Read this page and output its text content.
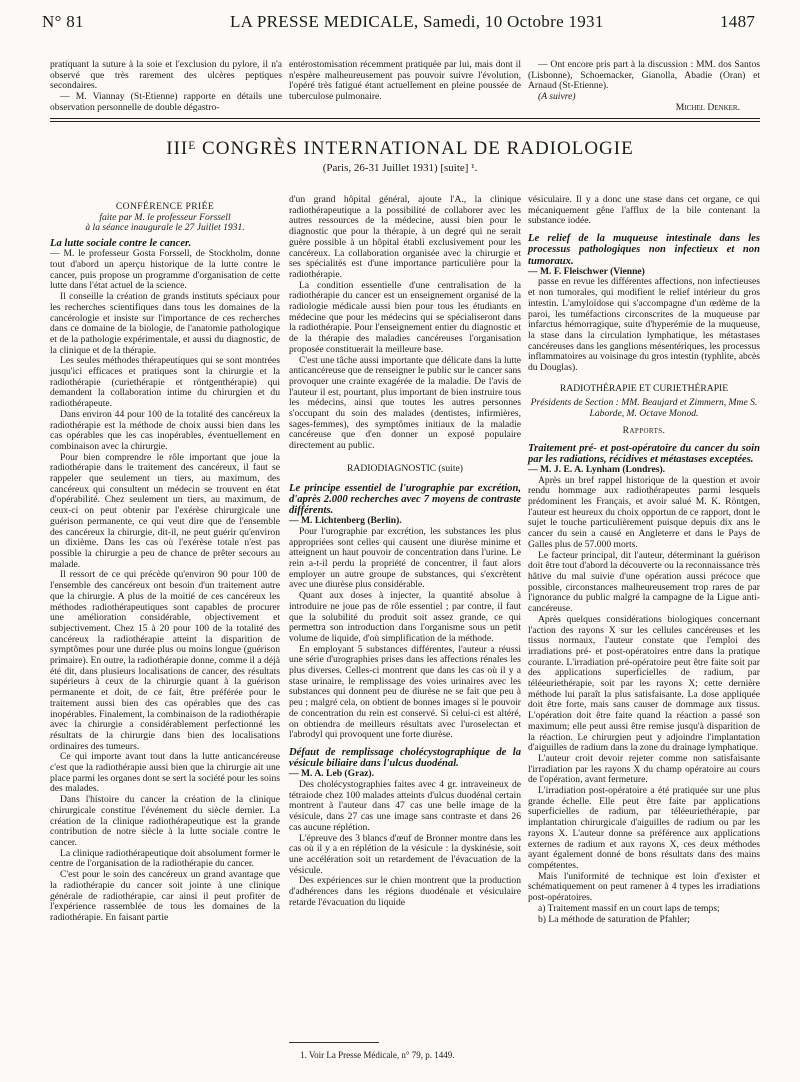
N° 81	LA PRESSE MEDICALE, Samedi, 10 Octobre 1931	1487

pratiquant la suture à la soie et l'exclusion du pylore, il n'a observé que très rarement des ulcères peptiques secondaires.

— M. Viannay (St-Etienne) rapporte en détails une observation personnelle de double dégastro-

entérostomisation récemment pratiquée par lui, mais dont il n'espère malheureusement pas pouvoir suivre l'évolution, l'opéré très fatigué étant actuellement en pleine poussée de tuberculose pulmonaire.

— Ont encore pris part à la discussion : MM. dos Santos (Lisbonne), Schoemacker, Gianolla, Abadie (Oran) et Arnaud (St-Etienne).

(A suivre)

Michel Denker.

IIIᴱ CONGRÈS INTERNATIONAL DE RADIOLOGIE
(Paris, 26-31 Juillet 1931) [suite] ¹.

CONFÉRENCE PRIÉE

faite par M. le professeur Forssell

à la séance inaugurale le 27 Juillet 1931.

La lutte sociale contre le cancer.

— M. le professeur Gosta Forssell, de Stockholm, donne tout d'abord un aperçu historique de la lutte contre le cancer, puis propose un programme d'organisation de cette lutte dans l'état actuel de la science.

Il conseille la création de grands instituts spéciaux pour les recherches scientifiques dans tous les domaines de la cancérologie et insiste sur l'importance de ces recherches dans ce domaine de la biologie, de l'anatomie pathologique et de la pathologie expérimentale, et aussi du diagnostic, de la clinique et de la thérapie.

Les seules méthodes thérapeutiques qui se sont montrées jusqu'ici efficaces et pratiques sont la chirurgie et la radiothérapie (curiethérapie et röntgenthérapie) qui demandent la collaboration intime du chirurgien et du radiothérapeute.

Dans environ 44 pour 100 de la totalité des cancéreux la radiothérapie est la méthode de choix aussi bien dans les cas opérables que les cas inopérables, éventuellement en combinaison avec la chirurgie.

Pour bien comprendre le rôle important que joue la radiothérapie dans le traitement des cancéreux, il faut se rappeler que seulement un tiers, au maximum, des cancéreux qui consultent un médecin se trouvent en état d'opérabilité. Chez seulement un tiers, au maximum, de ceux-ci on peut obtenir par l'exérèse chirurgicale une guérison permanente, ce qui veut dire que de l'ensemble des cancéreux la chirurgie, dit-il, ne peut guérir qu'environ un dixième. Dans les cas où l'exérèse totale n'est pas possible la chirurgie a peu de chance de prêter secours au malade.

Il ressort de ce qui précède qu'environ 90 pour 100 de l'ensemble des cancéreux ont besoin d'un traitement autre que la chirurgie. A plus de la moitié de ces cancéreux les méthodes radiothérapeutiques sont capables de procurer une amélioration considérable, objectivement et subjectivement. Chez 15 à 20 pour 100 de la totalité des cancéreux la radiothérapie atteint la disparition de symptômes pour une durée plus ou moins longue (guérison primaire). En outre, la radiothérapie donne, comme il a déjà été dit, dans plusieurs localisations de cancer, des résultats supérieurs à ceux de la chirurgie quant à la guérison permanente et doit, de ce fait, être préférée pour le traitement aussi bien des cas opérables que des cas inopérables. Finalement, la combinaison de la radiothérapie avec la chirurgie a considérablement perfectionné les résultats de la chirurgie dans bien des localisations ordinaires des tumeurs.

Ce qui importe avant tout dans la lutte anticancéreuse c'est que la radiothérapie aussi bien que la chirurgie ait une place parmi les organes dont se sert la société pour les soins des malades.

Dans l'histoire du cancer la création de la clinique chirurgicale constitue l'événement du siècle dernier. La création de la clinique radiothérapeutique est la grande contribution de notre siècle à la lutte sociale contre le cancer.

La clinique radiothérapeutique doit absolument former le centre de l'organisation de la radiothérapie du cancer.

C'est pour le soin des cancéreux un grand avantage que la radiothérapie du cancer soit jointe à une clinique générale de radiothérapie, car ainsi il peut profiter de l'expérience rassemblée de tous les domaines de la radiothérapie. En faisant partie

d'un grand hôpital général, ajoute l'A., la clinique radiothérapeutique a la possibilité de collaborer avec les autres ressources de la médecine, aussi bien pour le diagnostic que pour la thérapie, à un degré qui ne serait guère possible à un hôpital établi exclusivement pour les cancéreux. La collaboration organisée avec la chirurgie et ses spécialités est d'une importance particulière pour la radiothérapie.

La condition essentielle d'une centralisation de la radiothérapie du cancer est un enseignement organisé de la radiologie médicale aussi bien pour tous les étudiants en médecine que pour les médecins qui se spécialiseront dans la radiothérapie. Pour l'enseignement entier du diagnostic et de la thérapie des maladies cancéreuses l'organisation proposée constituerait la meilleure base.

C'est une tâche aussi importante que délicate dans la lutte anticancéreuse que de renseigner le public sur le cancer sans provoquer une crainte exagérée de la maladie. De l'avis de l'auteur il est, pourtant, plus important de bien instruire tous les médecins, ainsi que toutes les autres personnes s'occupant du soin des malades (dentistes, infirmières, sages-femmes), des symptômes initiaux de la maladie cancéreuse que d'en donner un exposé populaire directement au public.

RADIODIAGNOSTIC (suite)

Le principe essentiel de l'urographie par excrétion, d'après 2.000 recherches avec 7 moyens de contraste différents.

— M. Lichtenberg (Berlin).

Pour l'urographie par excrétion, les substances les plus appropriées sont celles qui causent une diurèse minime et atteignent un haut pouvoir de concentration dans l'urine. Le rein a-t-il perdu la propriété de concentrer, il faut alors employer un autre groupe de substances, qui s'excrètent avec une diurèse plus considérable.

Quant aux doses à injecter, la quantité absolue à introduire ne joue pas de rôle essentiel ; par contre, il faut que la solubilité du produit soit assez grande, ce qui permettra son introduction dans l'organisme sous un petit volume de liquide, d'où simplification de la méthode.

En employant 5 substances différentes, l'auteur a réussi une série d'urographies prises dans les affections rénales les plus diverses. Celles-ci montrent que dans les cas où il y a stase urinaire, le remplissage des voies urinaires avec les substances qui donnent peu de diurèse ne se fait que peu à peu ; malgré cela, on obtient de bonnes images si le pouvoir de concentration du rein est conservé. Si celui-ci est altéré, on obtiendra de meilleurs résultats avec l'uroselectan et l'abrodyl qui provoquent une forte diurèse.

Défaut de remplissage cholécystographique de la vésicule biliaire dans l'ulcus duodénal.

— M. A. Leb (Graz).

Des cholécystographies faites avec 4 gr. intraveineux de tétraiode chez 100 malades atteints d'ulcus duodénal certain montrent à l'auteur dans 47 cas une belle image de la vésicule, dans 27 cas une image sans contraste et dans 26 cas aucune réplétion.

L'épreuve des 3 blancs d'œuf de Bronner montre dans les cas où il y a en réplétion de la vésicule : la dyskinésie, soit une accélération soit un retardement de l'évacuation de la vésicule.

Des expériences sur le chien montrent que la production d'adhérences dans les régions duodénale et vésiculaire retarde l'évacuation du liquide

1. Voir La Presse Médicale, n° 79, p. 1449.

vésiculaire. Il y a donc une stase dans cet organe, ce qui mécaniquement gêne l'afflux de la bile contenant la substance iodée.

Le relief de la muqueuse intestinale dans les processus pathologiques non infectieux et non tumoraux.

— M. F. Fleischwer (Vienne)

passe en revue les différentes affections, non infectieuses et non tumorales, qui modifient le relief intérieur du gros intestin. L'amyloïdose qui s'accompagne d'un œdème de la paroi, les tuméfactions circonscrites de la muqueuse par infarctus hémorragique, suite d'hyperémie de la muqueuse, la stase dans la circulation lymphatique, les métastases cancéreuses dans les ganglions mésentériques, les processus inflammatoires au voisinage du gros intestin (typhlite, abcès du Douglas).

RADIOTHÉRAPIE ET CURIETHÉRAPIE

Présidents de Section : MM. Beaujard et Zimmern, Mme S. Laborde, M. Octave Monod.

Rapports.

Traitement pré- et post-opératoire du cancer du soin par les radiations, récidives et métastases exceptées.

— M. J. E. A. Lynham (Londres).

Après un bref rappel historique de la question et avoir rendu hommage aux radiothérapeutes parmi lesquels prédominent les Français, et avoir salué M. K. Röntgen, l'auteur est heureux du choix opportun de ce rapport, dont le sujet le touche particulièrement puisque depuis dix ans le cancer du sein a causé en Angleterre et dans le Pays de Galles plus de 57.000 morts.

Le facteur principal, dit l'auteur, déterminant la guérison doit être tout d'abord la découverte ou la reconnaissance très hâtive du mal suivie d'une opération aussi précoce que possible, circonstances malheureusement trop rares de par l'ignorance du public malgré la campagne de la Ligue anti-cancéreuse.

Après quelques considérations biologiques concernant l'action des rayons X sur les cellules cancéreuses et les tissus normaux, l'auteur constate que l'emploi des irradiations pré- et post-opératoires entre dans la pratique courante. L'irradiation pré-opératoire peut être faite soit par des applications superficielles de radium, par téléeuriethérapie, soit par les rayons X; cette dernière méthode lui paraît la plus satisfaisante. La dose appliquée doit être forte, mais sans causer de dommage aux tissus. L'opération doit être faite quand la réaction a passé son maximum; elle peut aussi être remise jusqu'à disparition de la réaction. Le chirurgien peut y adjoindre l'implantation d'aiguilles de radium dans la zone du drainage lymphatique.

L'auteur croit devoir rejeter comme non satisfaisante l'irradiation par les rayons X du champ opératoire au cours de l'opération, avant fermeture.

L'irradiation post-opératoire a été pratiquée sur une plus grande échelle. Elle peut être faite par applications superficielles de radium, par téléeuriethérapie, par implantation chirurgicale d'aiguilles de radium ou par les rayons X. L'auteur donne sa préférence aux applications externes de radium et aux rayons X, ces deux méthodes ayant également donné de bons résultats dans des mains compétentes.

Mais l'uniformité de technique est loin d'exister et schématiquement on peut ramener à 4 types les irradiations post-opératoires.

a) Traitement massif en un court laps de temps;

b) La méthode de saturation de Pfahler;
